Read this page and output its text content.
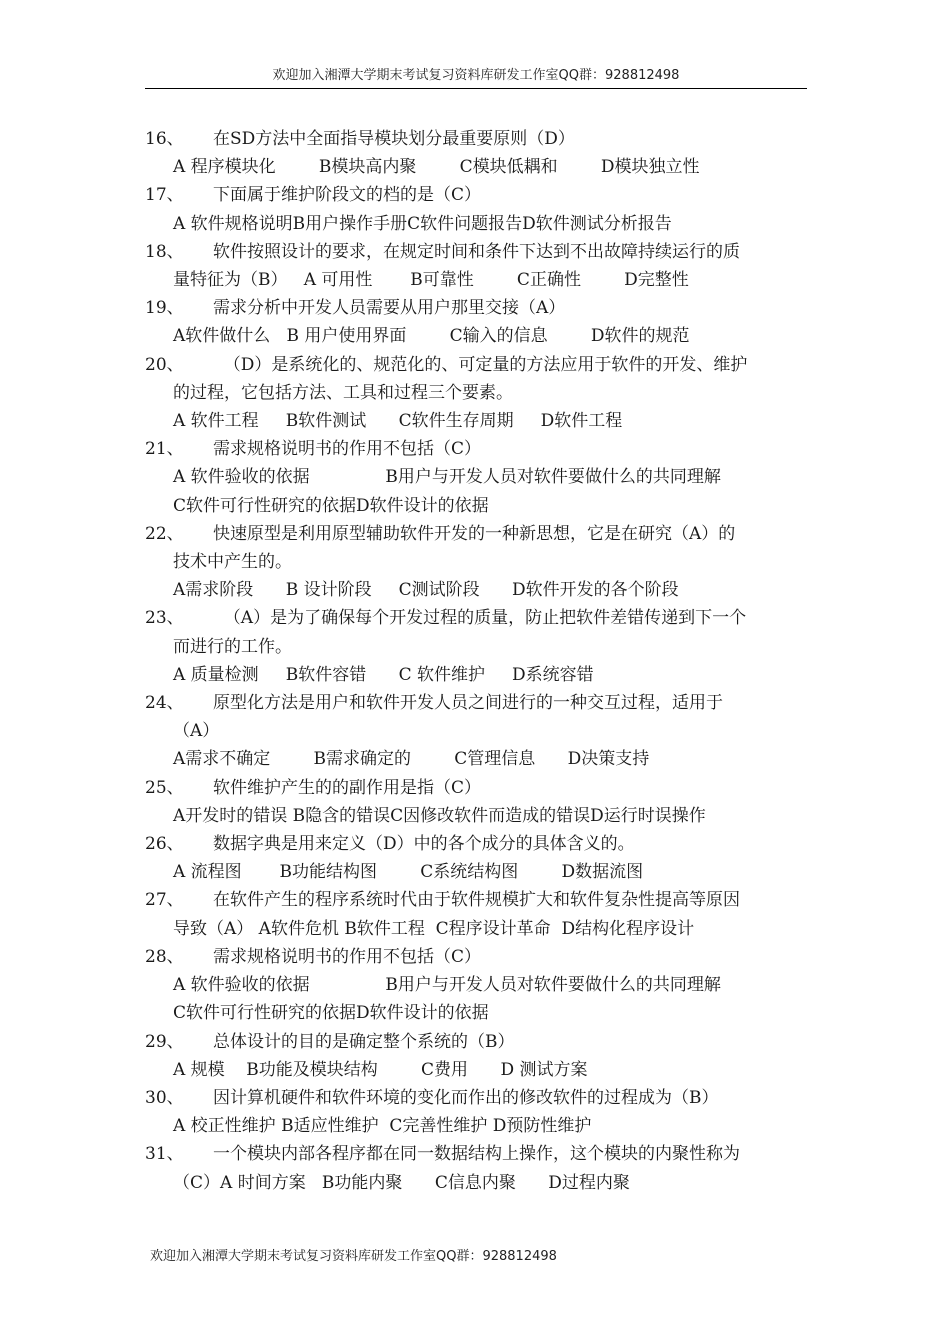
欢迎加入湘潭大学期末考试复习资料库研发工作室QQ群：928812498
16、	在SD方法中全面指导模块划分最重要原则（D）
A 程序模块化        B模块高内聚        C模块低耦和        D模块独立性
17、	下面属于维护阶段文的档的是（C）
A 软件规格说明B用户操作手册C软件问题报告D软件测试分析报告
18、	软件按照设计的要求，在规定时间和条件下达到不出故障持续运行的质
量特征为（B）   A 可用性       B可靠性        C正确性        D完整性
19、	需求分析中开发人员需要从用户那里交接（A）
A软件做什么   B 用户使用界面        C输入的信息        D软件的规范
20、	（D）是系统化的、规范化的、可定量的方法应用于软件的开发、维护
的过程，它包括方法、工具和过程三个要素。
A 软件工程     B软件测试      C软件生存周期     D软件工程
21、	需求规格说明书的作用不包括（C）
A 软件验收的依据              B用户与开发人员对软件要做什么的共同理解
C软件可行性研究的依据D软件设计的依据
22、	快速原型是利用原型辅助软件开发的一种新思想，它是在研究（A）的
技术中产生的。
A需求阶段      B 设计阶段     C测试阶段      D软件开发的各个阶段
23、	（A）是为了确保每个开发过程的质量，防止把软件差错传递到下一个
而进行的工作。
A 质量检测     B软件容错      C 软件维护     D系统容错
24、	原型化方法是用户和软件开发人员之间进行的一种交互过程，适用于
（A）
A需求不确定        B需求确定的        C管理信息      D决策支持
25、	软件维护产生的的副作用是指（C）
A开发时的错误 B隐含的错误C因修改软件而造成的错误D运行时误操作
26、	数据字典是用来定义（D）中的各个成分的具体含义的。
A 流程图       B功能结构图        C系统结构图        D数据流图
27、	在软件产生的程序系统时代由于软件规模扩大和软件复杂性提高等原因
导致（A） A软件危机 B软件工程  C程序设计革命  D结构化程序设计
28、	需求规格说明书的作用不包括（C）
A 软件验收的依据              B用户与开发人员对软件要做什么的共同理解
C软件可行性研究的依据D软件设计的依据
29、	总体设计的目的是确定整个系统的（B）
A 规模    B功能及模块结构        C费用      D 测试方案
30、	因计算机硬件和软件环境的变化而作出的修改软件的过程成为（B）
A 校正性维护 B适应性维护  C完善性维护 D预防性维护
31、	一个模块内部各程序都在同一数据结构上操作，这个模块的内聚性称为
（C）A 时间方案   B功能内聚      C信息内聚      D过程内聚
欢迎加入湘潭大学期末考试复习资料库研发工作室QQ群：928812498
